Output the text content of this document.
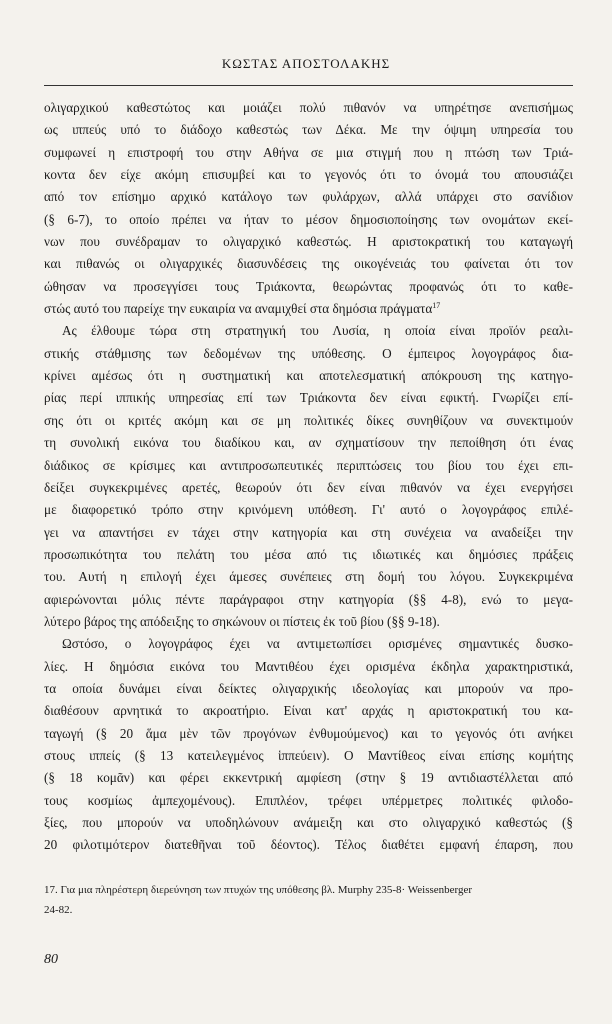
ΚΩΣΤΑΣ ΑΠΟΣΤΟΛΑΚΗΣ

ολιγαρχικού καθεστώτος και μοιάζει πολύ πιθανόν να υπηρέτησε ανεπισήμως
ως ιππεύς υπό το διάδοχο καθεστώς των Δέκα. Με την όψιμη υπηρεσία του
συμφωνεί η επιστροφή του στην Αθήνα σε μια στιγμή που η πτώση των Τριά-
κοντα δεν είχε ακόμη επισυμβεί και το γεγονός ότι το όνομά του απουσιάζει
από τον επίσημο αρχικό κατάλογο των φυλάρχων, αλλά υπάρχει στο σανίδιον
(§ 6-7), το οποίο πρέπει να ήταν το μέσον δημοσιοποίησης των ονομάτων εκεί-
νων που συνέδραμαν το ολιγαρχικό καθεστώς. Η αριστοκρατική του καταγωγή
και πιθανώς οι ολιγαρχικές διασυνδέσεις της οικογένειάς του φαίνεται ότι τον
ώθησαν να προσεγγίσει τους Τριάκοντα, θεωρώντας προφανώς ότι το καθε-
στώς αυτό του παρείχε την ευκαιρία να αναμιχθεί στα δημόσια πράγματα$^{17}$

Ας έλθουμε τώρα στη στρατηγική του Λυσία, η οποία είναι προϊόν ρεαλι-
στικής στάθμισης των δεδομένων της υπόθεσης. Ο έμπειρος λογογράφος δια-
κρίνει αμέσως ότι η συστηματική και αποτελεσματική απόκρουση της κατηγο-
ρίας περί ιππικής υπηρεσίας επί των Τριάκοντα δεν είναι εφικτή. Γνωρίζει επί-
σης ότι οι κριτές ακόμη και σε μη πολιτικές δίκες συνηθίζουν να συνεκτιμούν
τη συνολική εικόνα του διαδίκου και, αν σχηματίσουν την πεποίθηση ότι ένας
διάδικος σε κρίσιμες και αντιπροσωπευτικές περιπτώσεις του βίου του έχει επι-
δείξει συγκεκριμένες αρετές, θεωρούν ότι δεν είναι πιθανόν να έχει ενεργήσει
με διαφορετικό τρόπο στην κρινόμενη υπόθεση. Γι' αυτό ο λογογράφος επιλέ-
γει να απαντήσει εν τάχει στην κατηγορία και στη συνέχεια να αναδείξει την
προσωπικότητα του πελάτη του μέσα από τις ιδιωτικές και δημόσιες πράξεις
του. Αυτή η επιλογή έχει άμεσες συνέπειες στη δομή του λόγου. Συγκεκριμένα
αφιερώνονται μόλις πέντε παράγραφοι στην κατηγορία (§§ 4-8), ενώ το μεγα-
λύτερο βάρος της απόδειξης το σηκώνουν οι πίστεις ἐκ τοῦ βίου (§§ 9-18).

Ωστόσο, ο λογογράφος έχει να αντιμετωπίσει ορισμένες σημαντικές δυσκο-
λίες. Η δημόσια εικόνα του Μαντιθέου έχει ορισμένα έκδηλα χαρακτηριστικά,
τα οποία δυνάμει είναι δείκτες ολιγαρχικής ιδεολογίας και μπορούν να προ-
διαθέσουν αρνητικά το ακροατήριο. Είναι κατ' αρχάς η αριστοκρατική του κα-
ταγωγή (§ 20 ἅμα μὲν τῶν προγόνων ἐνθυμούμενος) και το γεγονός ότι ανήκει
στους ιππείς (§ 13 κατειλεγμένος ἱππεύειν). Ο Μαντίθεος είναι επίσης κομήτης
(§ 18 κομᾶν) και φέρει εκκεντρική αμφίεση (στην § 19 αντιδιαστέλλεται από
τους κοσμίως ἀμπεχομένους). Επιπλέον, τρέφει υπέρμετρες πολιτικές φιλοδο-
ξίες, που μπορούν να υποδηλώνουν ανάμειξη και στο ολιγαρχικό καθεστώς (§
20 φιλοτιμότερον διατεθῆναι τοῦ δέοντος). Τέλος διαθέτει εμφανή έπαρση, που

17. Για μια πληρέστερη διερεύνηση των πτυχών της υπόθεσης βλ. Murphy 235-8· Weissenberger
24-82.
80
